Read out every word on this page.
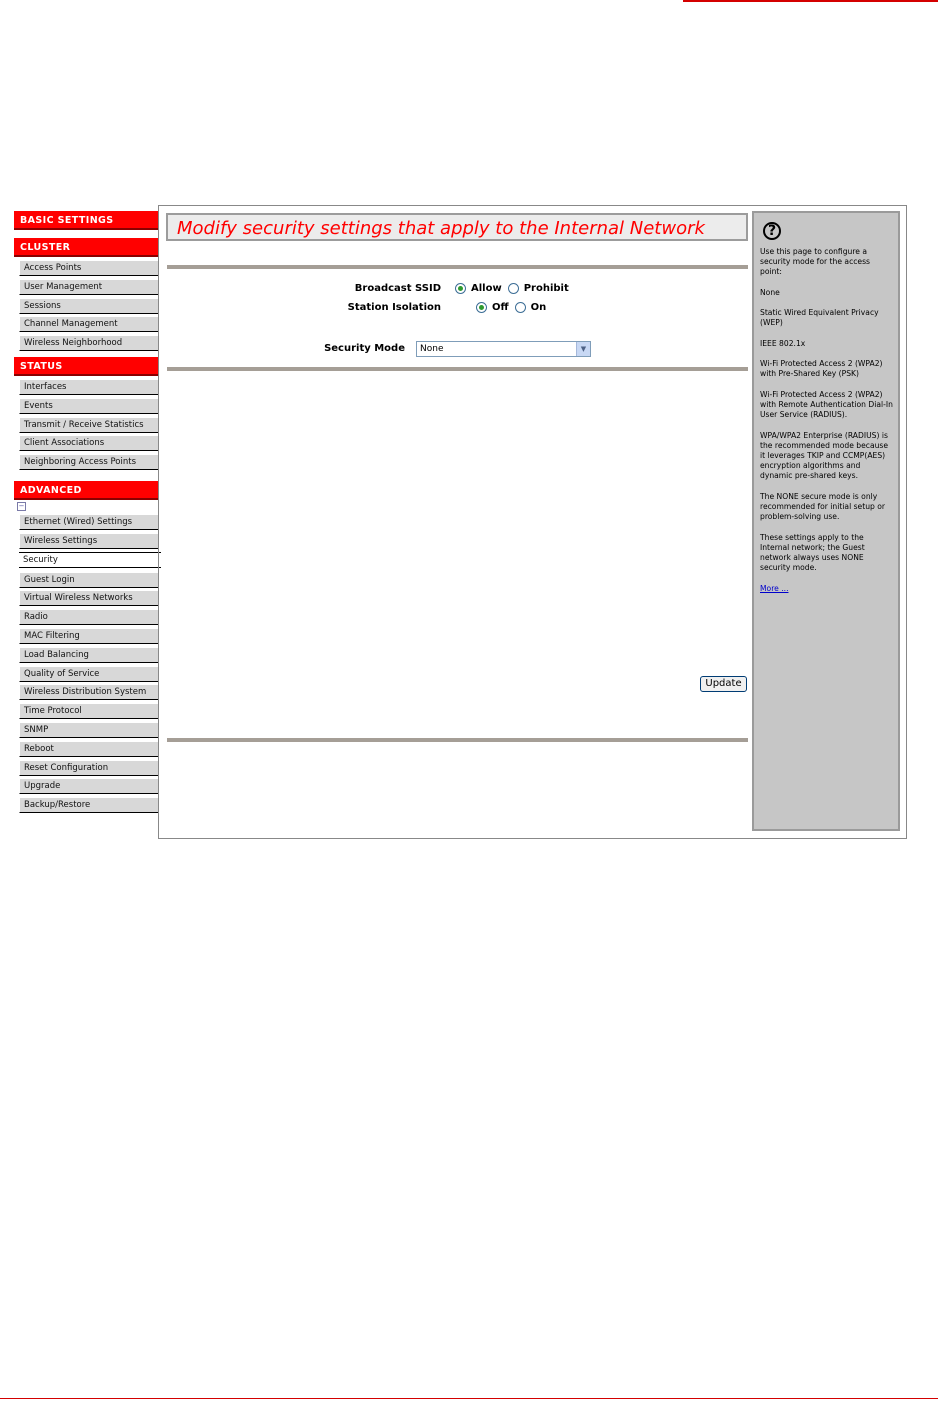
BASIC SETTINGS
CLUSTER
Access Points
User Management
Sessions
Channel Management
Wireless Neighborhood
STATUS
Interfaces
Events
Transmit / Receive Statistics
Client Associations
Neighboring Access Points
ADVANCED
−
Ethernet (Wired) Settings
Wireless Settings
Security
Guest Login
Virtual Wireless Networks
Radio
MAC Filtering
Load Balancing
Quality of Service
Wireless Distribution System
Time Protocol
SNMP
Reboot
Reset Configuration
Upgrade
Backup/Restore
Modify security settings that apply to the Internal Network
Broadcast SSID	Allow Prohibit
Station Isolation	Off On
Security Mode None	▼
Update
?

Use this page to configure a security mode for the access point:

None

Static Wired Equivalent Privacy (WEP)

IEEE 802.1x

Wi-Fi Protected Access 2 (WPA2) with Pre-Shared Key (PSK)

Wi-Fi Protected Access 2 (WPA2) with Remote Authentication Dial-In User Service (RADIUS).

WPA/WPA2 Enterprise (RADIUS) is the recommended mode because it leverages TKIP and CCMP(AES) encryption algorithms and dynamic pre-shared keys.

The NONE secure mode is only recommended for initial setup or problem-solving use.

These settings apply to the Internal network; the Guest network always uses NONE security mode.

More ...
